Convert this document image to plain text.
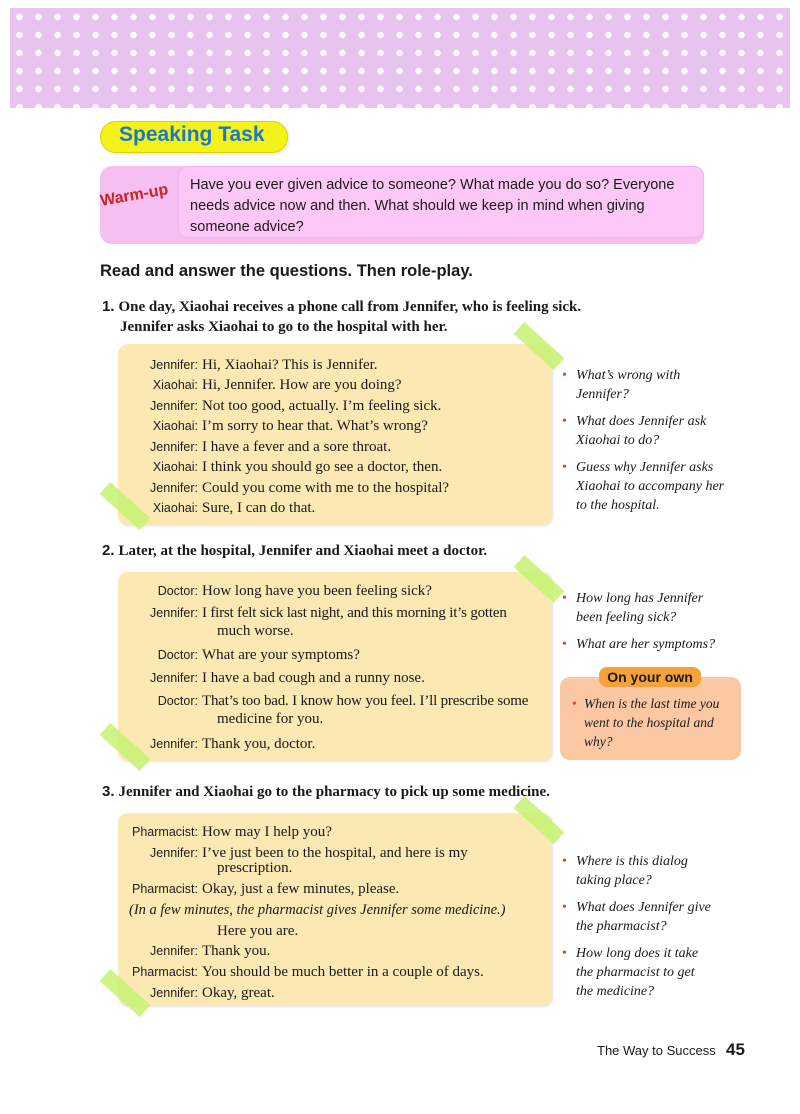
Speaking Task
Warm-up Have you ever given advice to someone? What made you do so? Everyone needs advice now and then. What should we keep in mind when giving someone advice?
Read and answer the questions. Then role-play.
1. One day, Xiaohai receives a phone call from Jennifer, who is feeling sick.
Jennifer asks Xiaohai to go to the hospital with her.
Jennifer: Hi, Xiaohai? This is Jennifer.
Xiaohai: Hi, Jennifer. How are you doing?
Jennifer: Not too good, actually. I’m feeling sick.
Xiaohai: I’m sorry to hear that. What’s wrong?
Jennifer: I have a fever and a sore throat.
Xiaohai: I think you should go see a doctor, then.
Jennifer: Could you come with me to the hospital?
Xiaohai: Sure, I can do that.
• What’s wrong with Jennifer?
• What does Jennifer ask Xiaohai to do?
• Guess why Jennifer asks Xiaohai to accompany her to the hospital.
2. Later, at the hospital, Jennifer and Xiaohai meet a doctor.
Doctor: How long have you been feeling sick?
Jennifer: I first felt sick last night, and this morning it’s gotten
much worse.
Doctor: What are your symptoms?
Jennifer: I have a bad cough and a runny nose.
Doctor: That’s too bad. I know how you feel. I’ll prescribe some
medicine for you.
Jennifer: Thank you, doctor.
• How long has Jennifer been feeling sick?
• What are her symptoms?
On your own
• When is the last time you went to the hospital and why?
3. Jennifer and Xiaohai go to the pharmacy to pick up some medicine.
Pharmacist: How may I help you?
Jennifer: I’ve just been to the hospital, and here is my
prescription.
Pharmacist: Okay, just a few minutes, please.
(In a few minutes, the pharmacist gives Jennifer some medicine.)
Here you are.
Jennifer: Thank you.
Pharmacist: You should be much better in a couple of days.
Jennifer: Okay, great.
• Where is this dialog taking place?
• What does Jennifer give the pharmacist?
• How long does it take the pharmacist to get the medicine?
The Way to Success 45
